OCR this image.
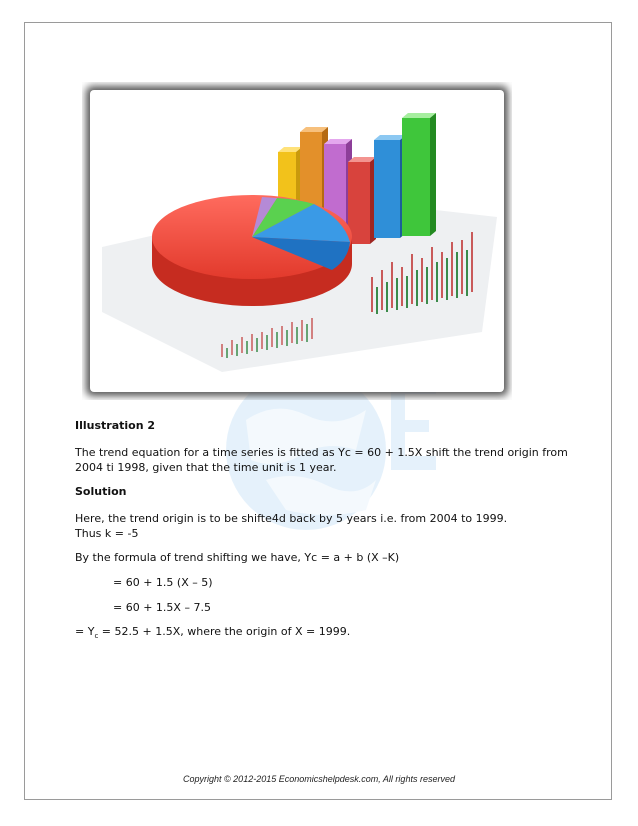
Illustration 2
The trend equation for a time series is fitted as Yc = 60 + 1.5X shift the trend origin from
2004 ti 1998, given that the time unit is 1 year.
Solution
Here, the trend origin is to be shifte4d back by 5 years i.e. from 2004 to 1999.
Thus k = -5
By the formula of trend shifting we have, Yc = a + b (X –K)
= 60 + 1.5 (X – 5)
= 60 + 1.5X – 7.5
= $Y_c = 52.5 + 1.5X$, where the origin of X = 1999.
Copyright © 2012-2015 Economicshelpdesk.com, All rights reserved
